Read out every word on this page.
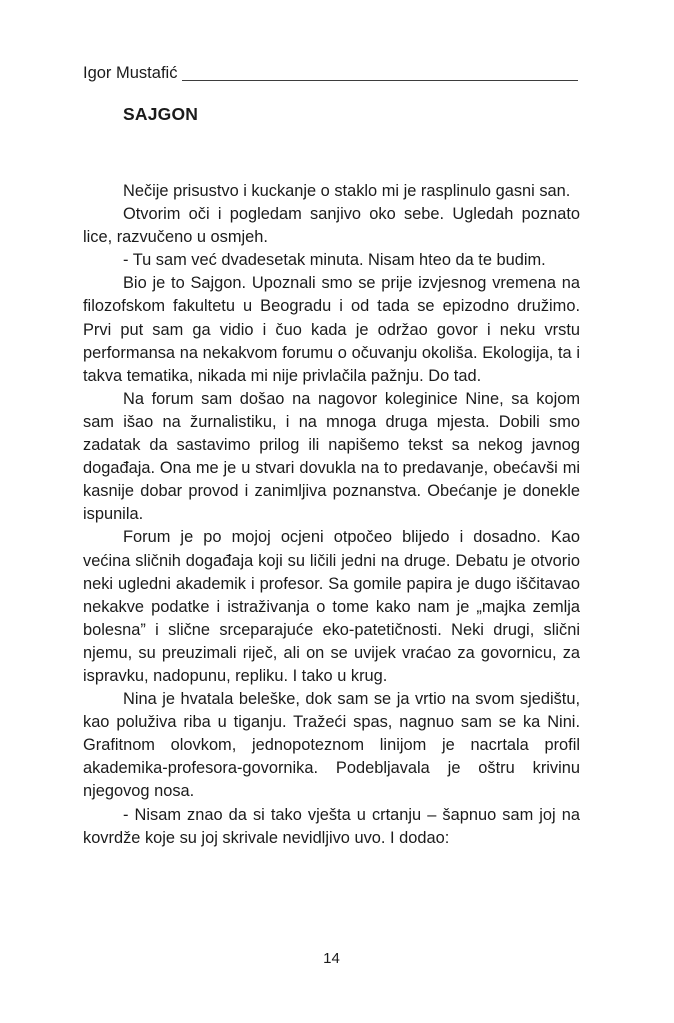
Igor Mustafić
SAJGON

Nečije prisustvo i kuckanje o staklo mi je rasplinulo gasni san.

Otvorim oči i pogledam sanjivo oko sebe. Ugledah poznato lice, razvučeno u osmjeh.

- Tu sam već dvadesetak minuta. Nisam hteo da te budim.

Bio je to Sajgon. Upoznali smo se prije izvjesnog vremena na filozofskom fakultetu u Beogradu i od tada se epizodno družimo. Prvi put sam ga vidio i čuo kada je održao govor i neku vrstu performansa na nekakvom forumu o očuvanju okoliša. Ekologija, ta i takva tematika, nikada mi nije privlačila pažnju. Do tad.

Na forum sam došao na nagovor koleginice Nine, sa kojom sam išao na žurnalistiku, i na mnoga druga mjesta. Dobili smo zadatak da sastavimo prilog ili napišemo tekst sa nekog javnog događaja. Ona me je u stvari dovukla na to predavanje, obećavši mi kasnije dobar provod i zanimljiva poznanstva. Obećanje je donekle ispunila.

Forum je po mojoj ocjeni otpočeo blijedo i dosadno. Kao većina sličnih događaja koji su ličili jedni na druge. Debatu je otvorio neki ugledni akademik i profesor. Sa gomile papira je dugo iščitavao nekakve podatke i istraživanja o tome kako nam je „majka zemlja bolesna” i slične srceparajuće eko-patetičnosti. Neki drugi, slični njemu, su preuzimali riječ, ali on se uvijek vraćao za govornicu, za ispravku, nadopunu, repliku. I tako u krug.

Nina je hvatala beleške, dok sam se ja vrtio na svom sjedištu, kao poluživa riba u tiganju. Tražeći spas, nagnuo sam se ka Nini. Grafitnom olovkom, jednopoteznom linijom je nacrtala profil akademika-profesora-govornika. Podebljavala je oštru krivinu njegovog nosa.

- Nisam znao da si tako vješta u crtanju – šapnuo sam joj na kovrdže koje su joj skrivale nevidljivo uvo. I dodao:

14
